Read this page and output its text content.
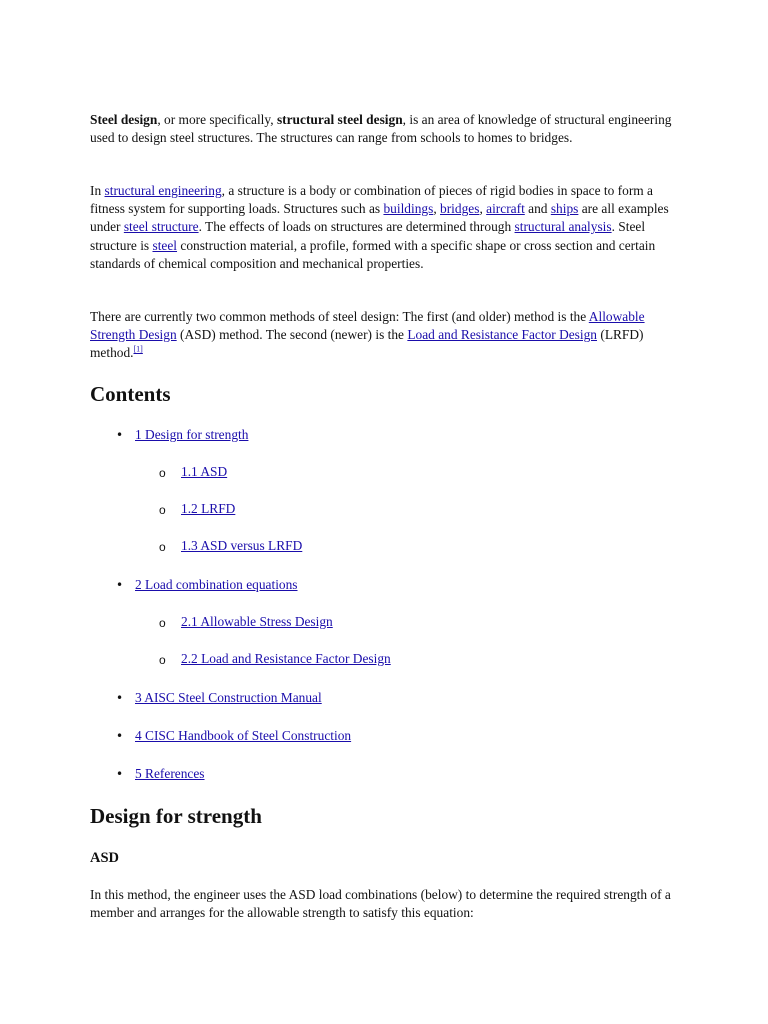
Steel design, or more specifically, structural steel design, is an area of knowledge of structural engineering used to design steel structures. The structures can range from schools to homes to bridges.

In structural engineering, a structure is a body or combination of pieces of rigid bodies in space to form a fitness system for supporting loads. Structures such as buildings, bridges, aircraft and ships are all examples under steel structure. The effects of loads on structures are determined through structural analysis. Steel structure is steel construction material, a profile, formed with a specific shape or cross section and certain standards of chemical composition and mechanical properties.

There are currently two common methods of steel design: The first (and older) method is the Allowable Strength Design (ASD) method. The second (newer) is the Load and Resistance Factor Design (LRFD) method.[1]

Contents
•
1 Design for strength
o
1.1 ASD
o
1.2 LRFD
o
1.3 ASD versus LRFD
•
2 Load combination equations
o
2.1 Allowable Stress Design
o
2.2 Load and Resistance Factor Design
•
3 AISC Steel Construction Manual
•
4 CISC Handbook of Steel Construction
•
5 References
Design for strength
ASD

In this method, the engineer uses the ASD load combinations (below) to determine the required strength of a member and arranges for the allowable strength to satisfy this equation:
